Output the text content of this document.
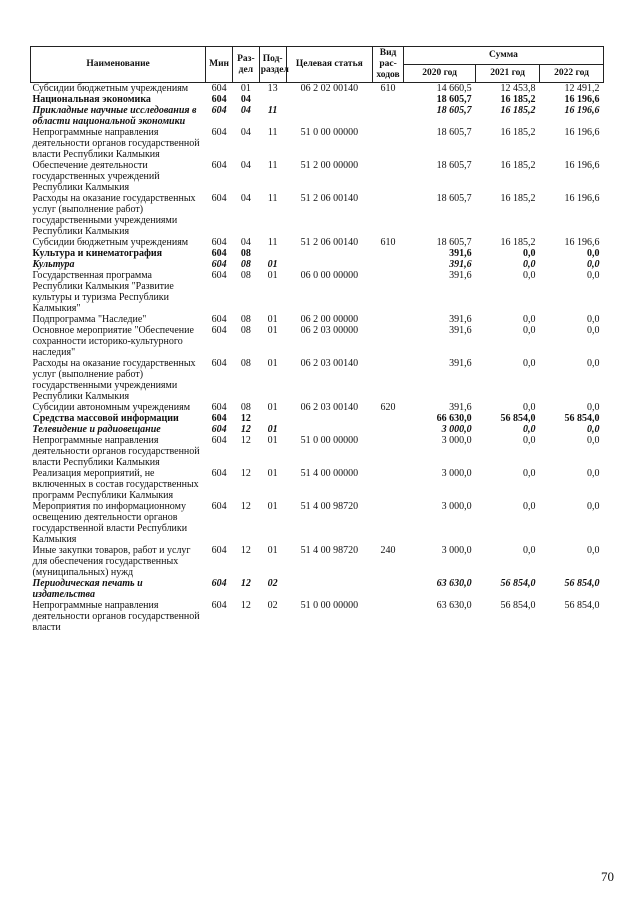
Наименование	Мин	Раз-дел	Под-раздел	Целевая статья	Вид рас-ходов	Сумма		
						2020 год	2021 год	2022 год
Субсидии бюджетным учреждениям	604	01	13	06 2 02 00140	610	14 660,5	12 453,8	12 491,2
Национальная экономика	604	04				18 605,7	16 185,2	16 196,6
Прикладные научные исследования в области национальной экономики	604	04	11			18 605,7	16 185,2	16 196,6
Непрограммные направления деятельности органов государственной власти Республики Калмыкия	604	04	11	51 0 00 00000		18 605,7	16 185,2	16 196,6
Обеспечение деятельности государственных учреждений Республики Калмыкия	604	04	11	51 2 00 00000		18 605,7	16 185,2	16 196,6
Расходы на оказание государственных услуг (выполнение работ) государственными учреждениями Республики Калмыкия	604	04	11	51 2 06 00140		18 605,7	16 185,2	16 196,6
Субсидии бюджетным учреждениям	604	04	11	51 2 06 00140	610	18 605,7	16 185,2	16 196,6
Культура и кинематография	604	08				391,6	0,0	0,0
Культура	604	08	01			391,6	0,0	0,0
Государственная программа Республики Калмыкия "Развитие культуры и туризма Республики Калмыкия"	604	08	01	06 0 00 00000		391,6	0,0	0,0
Подпрограмма "Наследие"	604	08	01	06 2 00 00000		391,6	0,0	0,0
Основное мероприятие "Обеспечение сохранности историко-культурного наследия"	604	08	01	06 2 03 00000		391,6	0,0	0,0
Расходы на оказание государственных услуг (выполнение работ) государственными учреждениями Республики Калмыкия	604	08	01	06 2 03 00140		391,6	0,0	0,0
Субсидии автономным учреждениям	604	08	01	06 2 03 00140	620	391,6	0,0	0,0
Средства массовой информации	604	12				66 630,0	56 854,0	56 854,0
Телевидение и радиовещание	604	12	01			3 000,0	0,0	0,0
Непрограммные направления деятельности органов государственной власти Республики Калмыкия	604	12	01	51 0 00 00000		3 000,0	0,0	0,0
Реализация мероприятий, не включенных в состав государственных программ Республики Калмыкия	604	12	01	51 4 00 00000		3 000,0	0,0	0,0
Мероприятия по информационному освещению деятельности органов государственной власти Республики Калмыкия	604	12	01	51 4 00 98720		3 000,0	0,0	0,0
Иные закупки товаров, работ и услуг для обеспечения государственных (муниципальных) нужд	604	12	01	51 4 00 98720	240	3 000,0	0,0	0,0
Периодическая печать и издательства	604	12	02			63 630,0	56 854,0	56 854,0
Непрограммные направления деятельности органов государственной власти	604	12	02	51 0 00 00000		63 630,0	56 854,0	56 854,0
70
